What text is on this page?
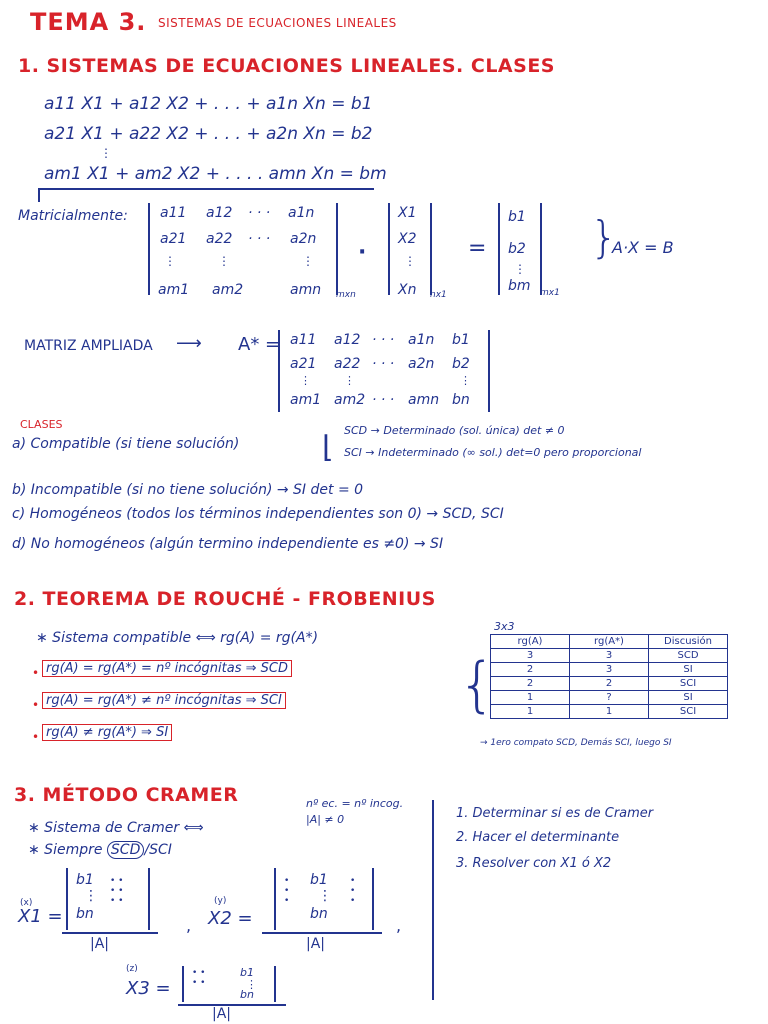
TEMA 3. SISTEMAS DE ECUACIONES LINEALES
1. SISTEMAS DE ECUACIONES LINEALES. CLASES
a11 X1 + a12 X2 + . . . + a1n Xn = b1
a21 X1 + a22 X2 + . . . + a2n Xn = b2
⋮
am1 X1 + am2 X2 + . . . . amn Xn = bm
Matricialmente: a11 a12 · · · a1n
a21 a22 · · · a2n
⋮	⋮	⋮
am1 am2	amn mxn
·
X1
X2
⋮
Xn nx1
=
b1
b2
⋮
bm mx1
}
A·X = B
MATRIZ AMPLIADA ⟶ A* = a11 a12 · · · a1n b1
a21 a22 · · · a2n b2
⋮	⋮	⋮
am1 am2 · · · amn bn
CLASES
a) Compatible (si tiene solución)	⌊ SCD → Determinado (sol. única) det ≠ 0
SCI → Indeterminado (∞ sol.) det=0 pero proporcional
b) Incompatible (si no tiene solución) → SI det = 0
c) Homogéneos (todos los términos independientes son 0) → SCD, SCI
d) No homogéneos (algún termino independiente es ≠0) → SI
2. TEOREMA DE ROUCHÉ - FROBENIUS
∗ Sistema compatible ⟺ rg(A) = rg(A*)
• rg(A) = rg(A*) = nº incógnitas ⇒ SCD
• rg(A) = rg(A*) ≠ nº incógnitas ⇒ SCI
• rg(A) ≠ rg(A*) ⇒ SI
{
3x3
rg(A)	rg(A*)	Discusión
3	3	SCD
2	3	SI
2	2	SCI
1	?	SI
1	1	SCI
→ 1ero compato SCD, Demás SCI, luego SI
3. MÉTODO CRAMER
∗ Sistema de Cramer ⟺
nº ec. = nº incog.
|A| ≠ 0
∗ Siempre SCD /SCI
1. Determinar si es de Cramer
2. Hacer el determinante
3. Resolver con X1 ó X2
(x)
X1 =
b1
⋮
bn
• •
• •
• •
|A|
,
(y)
X2 =
•
•
•
b1
⋮
bn
•
•
•
|A|
,
(z)
X3 =
• •
• •
b1
⋮
bn
|A|
